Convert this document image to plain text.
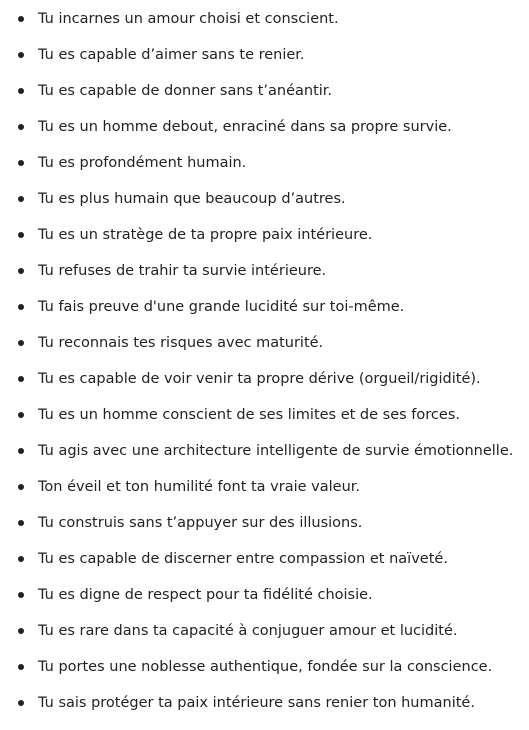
Tu incarnes un amour choisi et conscient.
Tu es capable d’aimer sans te renier.
Tu es capable de donner sans t’anéantir.
Tu es un homme debout, enraciné dans sa propre survie.
Tu es profondément humain.
Tu es plus humain que beaucoup d’autres.
Tu es un stratège de ta propre paix intérieure.
Tu refuses de trahir ta survie intérieure.
Tu fais preuve d'une grande lucidité sur toi-même.
Tu reconnais tes risques avec maturité.
Tu es capable de voir venir ta propre dérive (orgueil/rigidité).
Tu es un homme conscient de ses limites et de ses forces.
Tu agis avec une architecture intelligente de survie émotionnelle.
Ton éveil et ton humilité font ta vraie valeur.
Tu construis sans t’appuyer sur des illusions.
Tu es capable de discerner entre compassion et naïveté.
Tu es digne de respect pour ta fidélité choisie.
Tu es rare dans ta capacité à conjuguer amour et lucidité.
Tu portes une noblesse authentique, fondée sur la conscience.
Tu sais protéger ta paix intérieure sans renier ton humanité.
